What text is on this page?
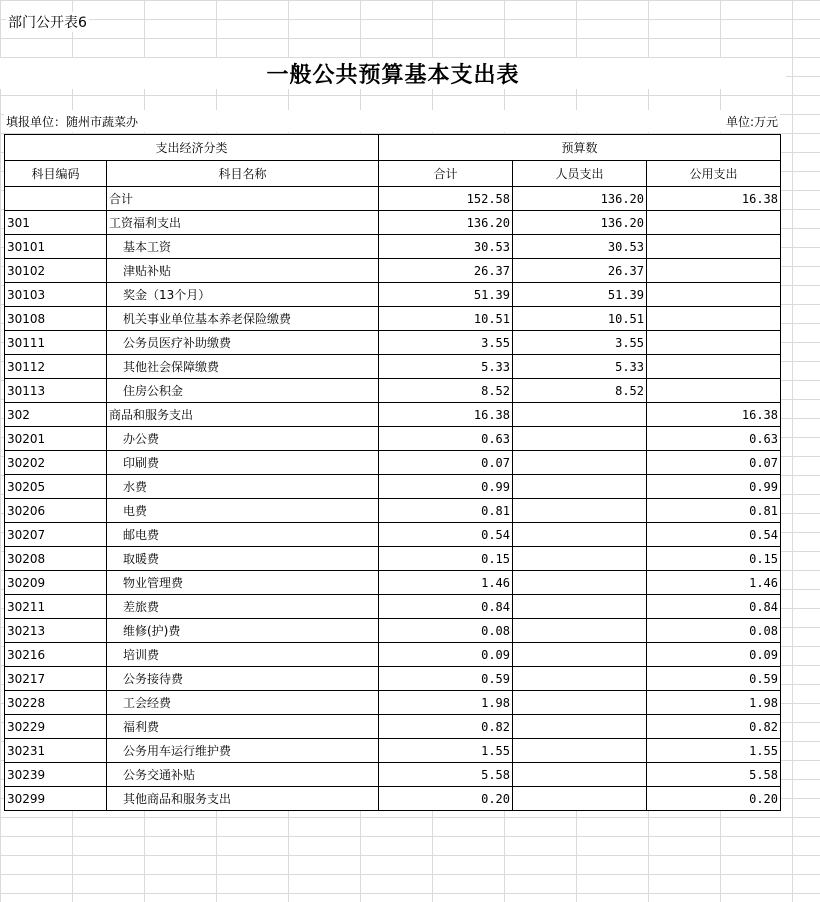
部门公开表6
一般公共预算基本支出表
填报单位：随州市蔬菜办	单位:万元
支出经济分类		预算数		
科目编码	科目名称	合计	人员支出	公用支出
	合计	152.58	136.20	16.38
301	工资福利支出	136.20	136.20	
30101	基本工资	30.53	30.53	
30102	津贴补贴	26.37	26.37	
30103	奖金（13个月）	51.39	51.39	
30108	机关事业单位基本养老保险缴费	10.51	10.51	
30111	公务员医疗补助缴费	3.55	3.55	
30112	其他社会保障缴费	5.33	5.33	
30113	住房公积金	8.52	8.52	
302	商品和服务支出	16.38		16.38
30201	办公费	0.63		0.63
30202	印刷费	0.07		0.07
30205	水费	0.99		0.99
30206	电费	0.81		0.81
30207	邮电费	0.54		0.54
30208	取暖费	0.15		0.15
30209	物业管理费	1.46		1.46
30211	差旅费	0.84		0.84
30213	维修(护)费	0.08		0.08
30216	培训费	0.09		0.09
30217	公务接待费	0.59		0.59
30228	工会经费	1.98		1.98
30229	福利费	0.82		0.82
30231	公务用车运行维护费	1.55		1.55
30239	公务交通补贴	5.58		5.58
30299	其他商品和服务支出	0.20		0.20
